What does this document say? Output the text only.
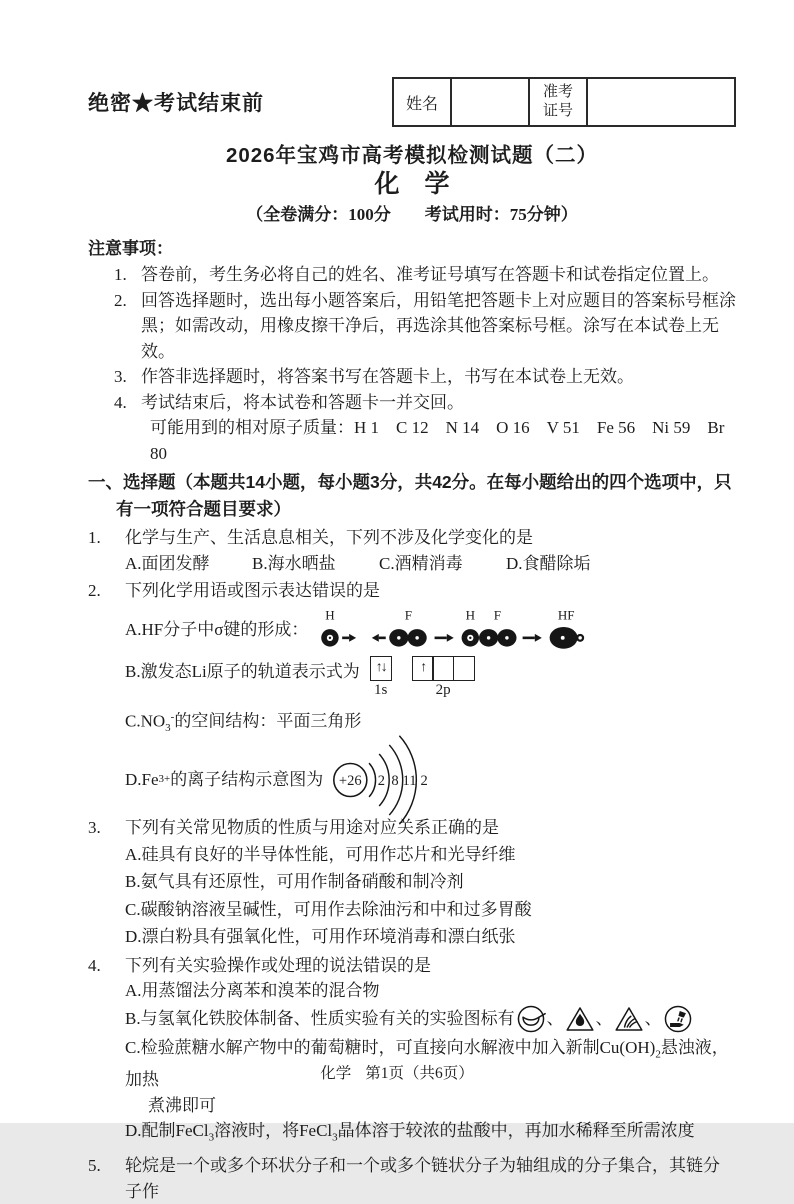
绝密★考试结束前	姓名
准考
证号
2026年宝鸡市高考模拟检测试题（二）
化　学
（全卷满分：100分　　考试用时：75分钟）
注意事项：
1. 答卷前，考生务必将自己的姓名、准考证号填写在答题卡和试卷指定位置上。
2. 回答选择题时，选出每小题答案后，用铅笔把答题卡上对应题目的答案标号框涂黑；如需改动，用橡皮擦干净后，再选涂其他答案标号框。涂写在本试卷上无效。
3. 作答非选择题时，将答案书写在答题卡上，书写在本试卷上无效。
4. 考试结束后，将本试卷和答题卡一并交回。
可能用到的相对原子质量：H 1　C 12　N 14　O 16　V 51　Fe 56　Ni 59　Br 80
一、选择题（本题共14小题，每小题3分，共42分。在每小题给出的四个选项中，只有一项符合题目要求）
1.	化学与生产、生活息息相关，下列不涉及化学变化的是
A.面团发酵	B.海水晒盐	C.酒精消毒	D.食醋除垢
2.	下列化学用语或图示表达错误的是
A.HF分子中σ键的形成：
H	F	H F	HF
B.激发态Li原子的轨道表示式为	↑↓
1s
↑
2p
$C.NO_3^-$的空间结构：平面三角形
D.Fe 3+ 的离子结构示意图为 +26 2 8 11 2
3.	下列有关常见物质的性质与用途对应关系正确的是
A.硅具有良好的半导体性能，可用作芯片和光导纤维
B.氨气具有还原性，可用作制备硝酸和制冷剂
C.碳酸钠溶液呈碱性，可用作去除油污和中和过多胃酸
D.漂白粉具有强氧化性，可用作环境消毒和漂白纸张
4.	下列有关实验操作或处理的说法错误的是
A.用蒸馏法分离苯和溴苯的混合物
B.与氢氧化铁胶体制备、性质实验有关的实验图标有 、 、 、
C.检验蔗糖水解产物中的葡萄糖时，可直接向水解液中加入新制$Cu(OH)_2$悬浊液，加热
煮沸即可
D.配制FeCl$_3$溶液时，将FeCl$_3$晶体溶于较浓的盐酸中，再加水稀释至所需浓度
5.	轮烷是一个或多个环状分子和一个或多个链状分子为轴组成的分子集合，其链分子作
化学 第1页（共6页）
